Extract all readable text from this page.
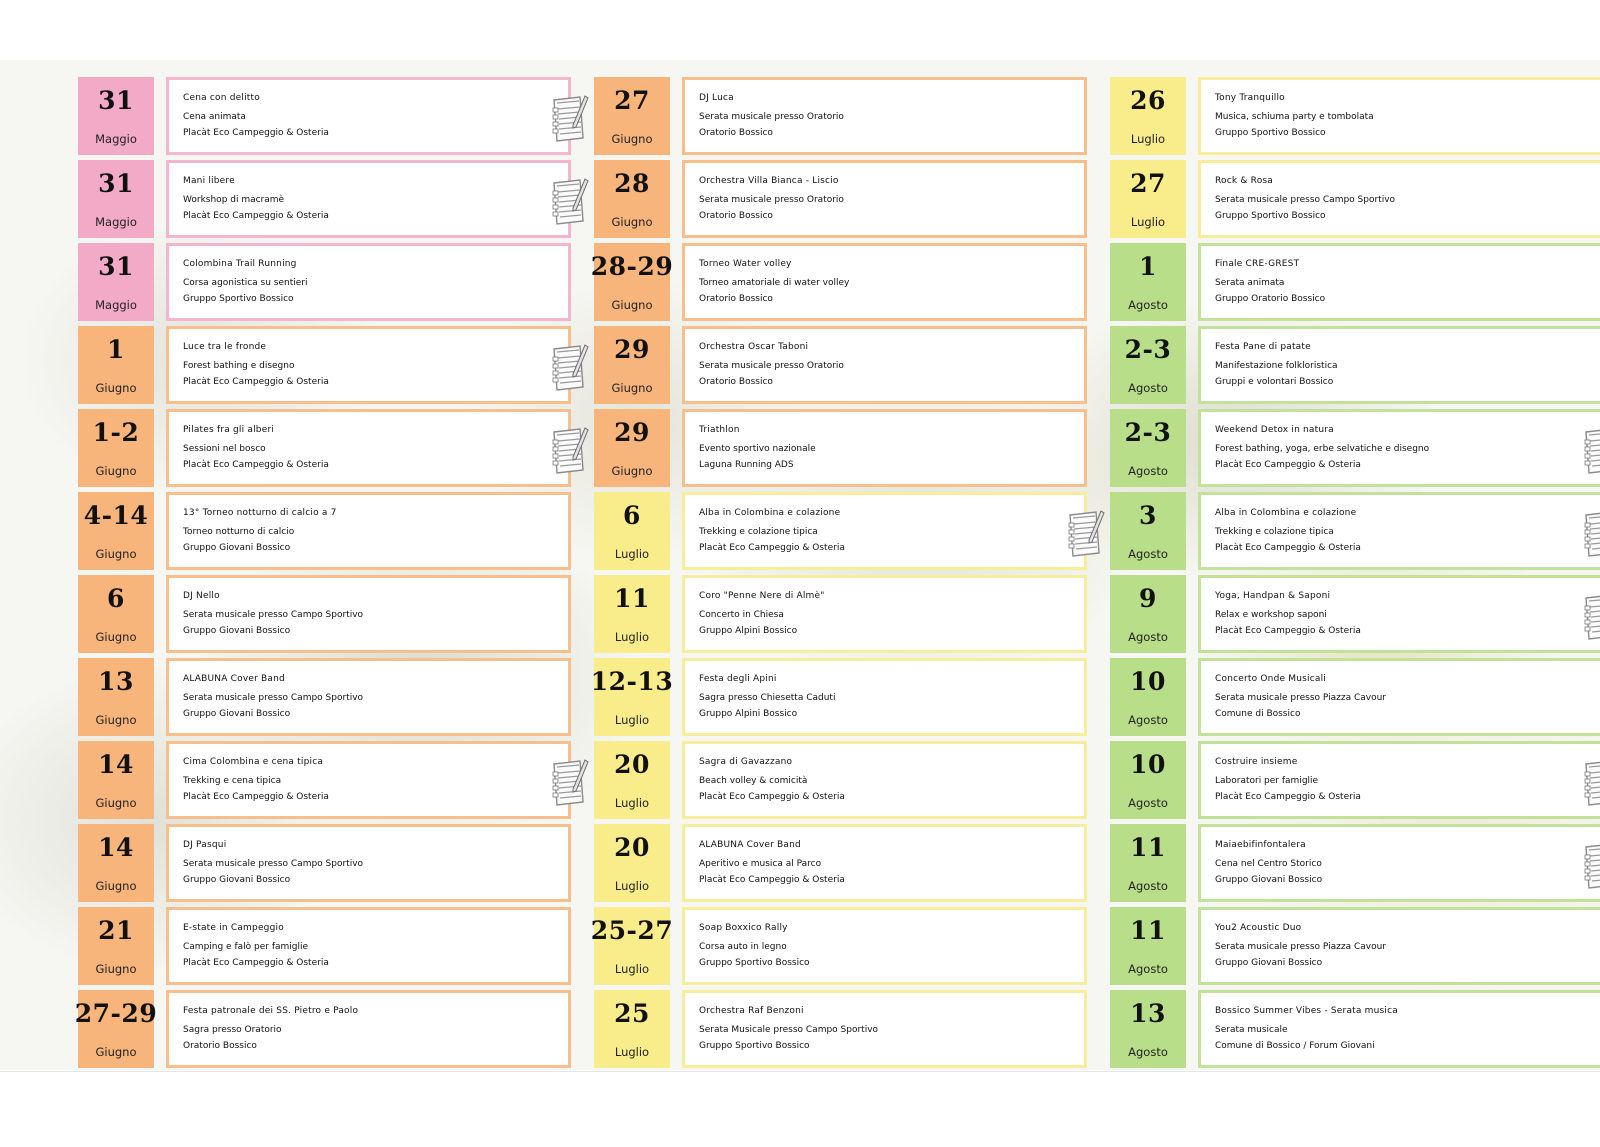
31
Maggio
Cena con delitto
Cena animata
Placàt Eco Campeggio & Osteria
31
Maggio
Mani libere
Workshop di macramè
Placàt Eco Campeggio & Osteria
31
Maggio
Colombina Trail Running
Corsa agonistica su sentieri
Gruppo Sportivo Bossico
1
Giugno
Luce tra le fronde
Forest bathing e disegno
Placàt Eco Campeggio & Osteria
1-2
Giugno
Pilates fra gli alberi
Sessioni nel bosco
Placàt Eco Campeggio & Osteria
4-14
Giugno
13° Torneo notturno di calcio a 7
Torneo notturno di calcio
Gruppo Giovani Bossico
6
Giugno
DJ Nello
Serata musicale presso Campo Sportivo
Gruppo Giovani Bossico
13
Giugno
ALABUNA Cover Band
Serata musicale presso Campo Sportivo
Gruppo Giovani Bossico
14
Giugno
Cima Colombina e cena tipica
Trekking e cena tipica
Placàt Eco Campeggio & Osteria
14
Giugno
DJ Pasqui
Serata musicale presso Campo Sportivo
Gruppo Giovani Bossico
21
Giugno
E-state in Campeggio
Camping e falò per famiglie
Placàt Eco Campeggio & Osteria
27-29
Giugno
Festa patronale dei SS. Pietro e Paolo
Sagra presso Oratorio
Oratorio Bossico
27
Giugno
DJ Luca
Serata musicale presso Oratorio
Oratorio Bossico
28
Giugno
Orchestra Villa Bianca - Liscio
Serata musicale presso Oratorio
Oratorio Bossico
28-29
Giugno
Torneo Water volley
Torneo amatoriale di water volley
Oratorio Bossico
29
Giugno
Orchestra Oscar Taboni
Serata musicale presso Oratorio
Oratorio Bossico
29
Giugno
Triathlon
Evento sportivo nazionale
Laguna Running ADS
6
Luglio
Alba in Colombina e colazione
Trekking e colazione tipica
Placàt Eco Campeggio & Osteria
11
Luglio
Coro "Penne Nere di Almè"
Concerto in Chiesa
Gruppo Alpini Bossico
12-13
Luglio
Festa degli Apini
Sagra presso Chiesetta Caduti
Gruppo Alpini Bossico
20
Luglio
Sagra di Gavazzano
Beach volley & comicità
Placàt Eco Campeggio & Osteria
20
Luglio
ALABUNA Cover Band
Aperitivo e musica al Parco
Placàt Eco Campeggio & Osteria
25-27
Luglio
Soap Boxxico Rally
Corsa auto in legno
Gruppo Sportivo Bossico
25
Luglio
Orchestra Raf Benzoni
Serata Musicale presso Campo Sportivo
Gruppo Sportivo Bossico
26
Luglio
Tony Tranquillo
Musica, schiuma party e tombolata
Gruppo Sportivo Bossico
27
Luglio
Rock & Rosa
Serata musicale presso Campo Sportivo
Gruppo Sportivo Bossico
1
Agosto
Finale CRE-GREST
Serata animata
Gruppo Oratorio Bossico
2-3
Agosto
Festa Pane di patate
Manifestazione folkloristica
Gruppi e volontari Bossico
2-3
Agosto
Weekend Detox in natura
Forest bathing, yoga, erbe selvatiche e disegno
Placàt Eco Campeggio & Osteria
3
Agosto
Alba in Colombina e colazione
Trekking e colazione tipica
Placàt Eco Campeggio & Osteria
9
Agosto
Yoga, Handpan & Saponi
Relax e workshop saponi
Placàt Eco Campeggio & Osteria
10
Agosto
Concerto Onde Musicali
Serata musicale presso Piazza Cavour
Comune di Bossico
10
Agosto
Costruire insieme
Laboratori per famiglie
Placàt Eco Campeggio & Osteria
11
Agosto
Maiaebifinfontalera
Cena nel Centro Storico
Gruppo Giovani Bossico
11
Agosto
You2 Acoustic Duo
Serata musicale presso Piazza Cavour
Gruppo Giovani Bossico
13
Agosto
Bossico Summer Vibes - Serata musica
Serata musicale
Comune di Bossico / Forum Giovani
